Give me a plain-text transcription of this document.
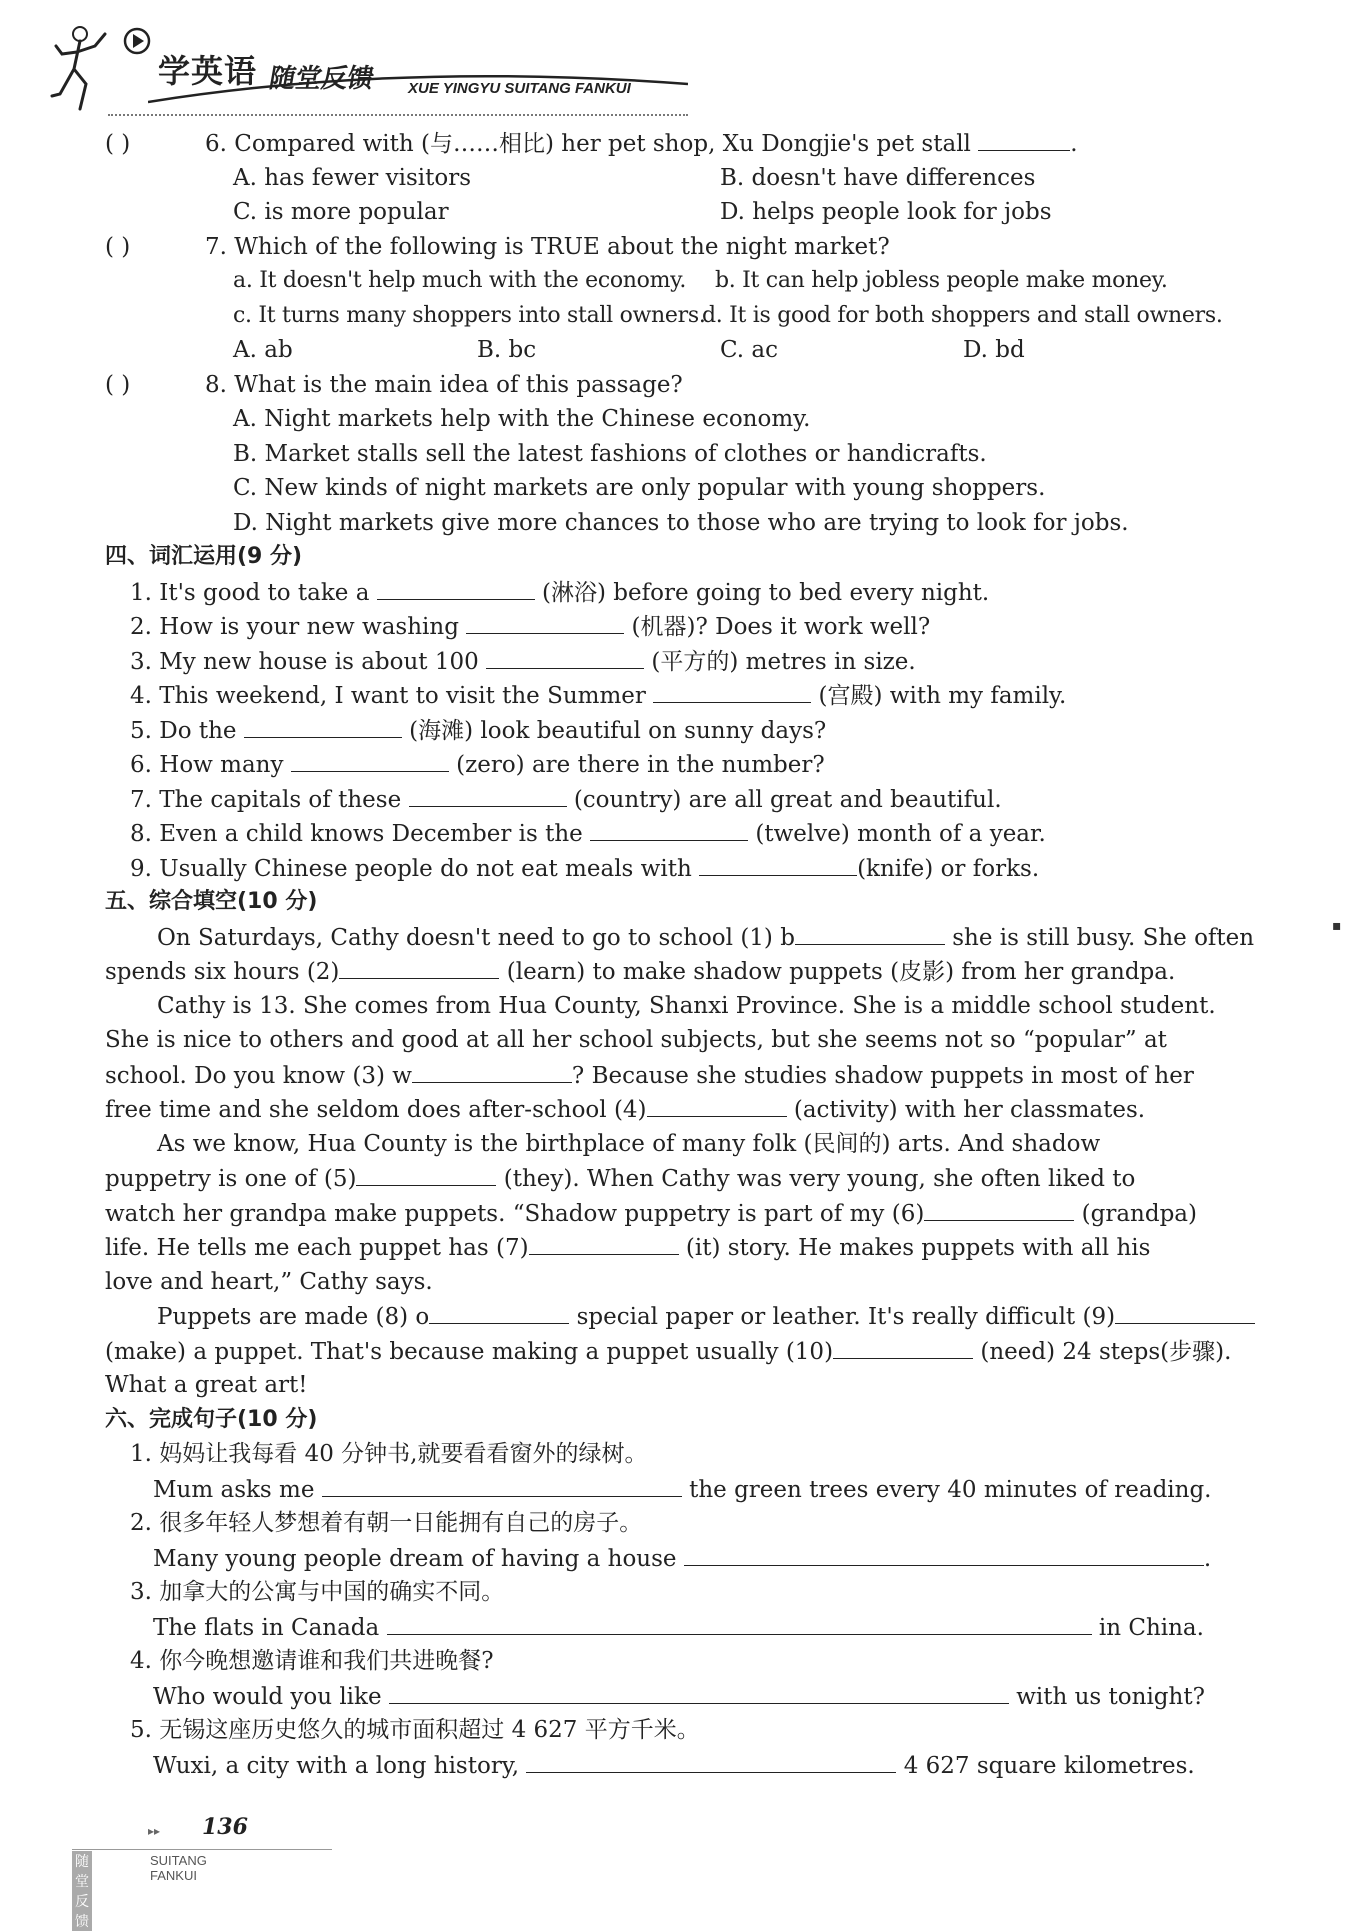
学英语 随堂反馈 XUE YINGYU SUITANG FANKUI
( )	6. Compared with (与……相比) her pet shop, Xu Dongjie's pet stall	.
A. has fewer visitors	B. doesn't have differences
C. is more popular	D. helps people look for jobs
( )	7. Which of the following is TRUE about the night market?
a. It doesn't help much with the economy. b. It can help jobless people make money.
c. It turns many shoppers into stall owners.
d. It is good for both shoppers and stall owners.
A. ab	B. bc	C. ac	D. bd
( )	8. What is the main idea of this passage?
A. Night markets help with the Chinese economy.
B. Market stalls sell the latest fashions of clothes or handicrafts.
C. New kinds of night markets are only popular with young shoppers.
D. Night markets give more chances to those who are trying to look for jobs.
四、词汇运用(9 分)
1. It's good to take a	(淋浴) before going to bed every night.
2. How is your new washing	(机器)? Does it work well?
3. My new house is about 100	(平方的) metres in size.
4. This weekend, I want to visit the Summer	(宫殿) with my family.
5. Do the	(海滩) look beautiful on sunny days?
6. How many	(zero) are there in the number?
7. The capitals of these	(country) are all great and beautiful.
8. Even a child knows December is the	(twelve) month of a year.
9. Usually Chinese people do not eat meals with	(knife) or forks.
五、综合填空(10 分)
On Saturdays, Cathy doesn't need to go to school (1) b	she is still busy. She often
spends six hours (2)	(learn) to make shadow puppets (皮影) from her grandpa.
Cathy is 13. She comes from Hua County, Shanxi Province. She is a middle school student.
She is nice to others and good at all her school subjects, but she seems not so “popular” at
school. Do you know (3) w	? Because she studies shadow puppets in most of her
free time and she seldom does after-school (4)	(activity) with her classmates.
As we know, Hua County is the birthplace of many folk (民间的) arts. And shadow
puppetry is one of (5)	(they). When Cathy was very young, she often liked to
watch her grandpa make puppets. “Shadow puppetry is part of my (6)	(grandpa)
life. He tells me each puppet has (7)	(it) story. He makes puppets with all his
love and heart,” Cathy says.
Puppets are made (8) o	special paper or leather. It's really difficult (9)
(make) a puppet. That's because making a puppet usually (10)	(need) 24 steps(步骤).
What a great art!
六、完成句子(10 分)
1. 妈妈让我每看 40 分钟书,就要看看窗外的绿树。
Mum asks me	the green trees every 40 minutes of reading.
2. 很多年轻人梦想着有朝一日能拥有自己的房子。
Many young people dream of having a house	.
3. 加拿大的公寓与中国的确实不同。
The flats in Canada	in China.
4. 你今晚想邀请谁和我们共进晚餐?
Who would you like	with us tonight?
5. 无锡这座历史悠久的城市面积超过 4 627 平方千米。
Wuxi, a city with a long history,	4 627 square kilometres.
▪
▸▸ 136
随堂反馈
SUITANG FANKUI
